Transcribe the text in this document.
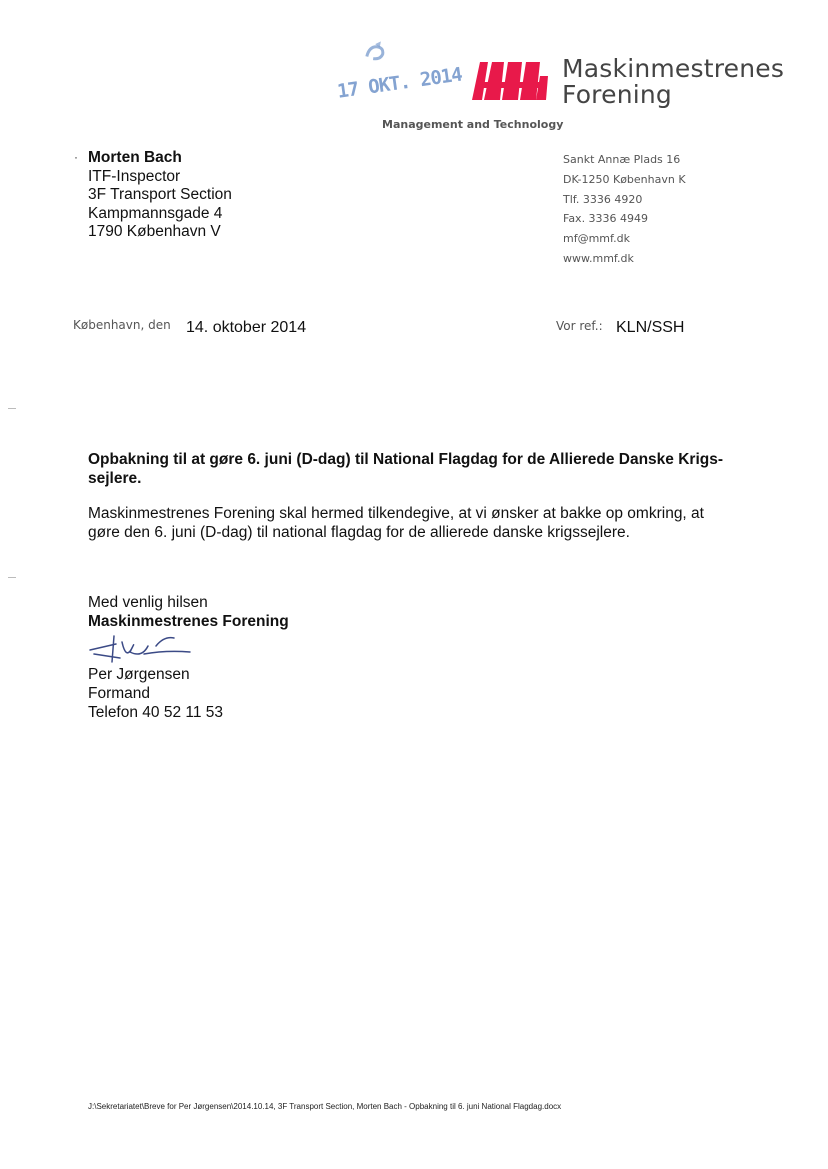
17 OKT. 2014	Maskinmestrenes
Forening
Management and Technology
· Morten Bach
ITF-Inspector
3F Transport Section
Kampmannsgade 4
1790 København V
Sankt Annæ Plads 16
DK-1250 København K
Tlf. 3336 4920
Fax. 3336 4949
mf@mmf.dk
www.mmf.dk
København, den 14. oktober 2014	Vor ref.: KLN/SSH
Opbakning til at gøre 6. juni (D-dag) til National Flagdag for de Allierede Danske Krigs-sejlere.
Maskinmestrenes Forening skal hermed tilkendegive, at vi ønsker at bakke op omkring, at gøre den 6. juni (D-dag) til national flagdag for de allierede danske krigssejlere.
Med venlig hilsen
Maskinmestrenes Forening
Per Jørgensen
Formand
Telefon 40 52 11 53
J:\Sekretariatet\Breve for Per Jørgensen\2014.10.14, 3F Transport Section, Morten Bach - Opbakning til 6. juni National Flagdag.docx
